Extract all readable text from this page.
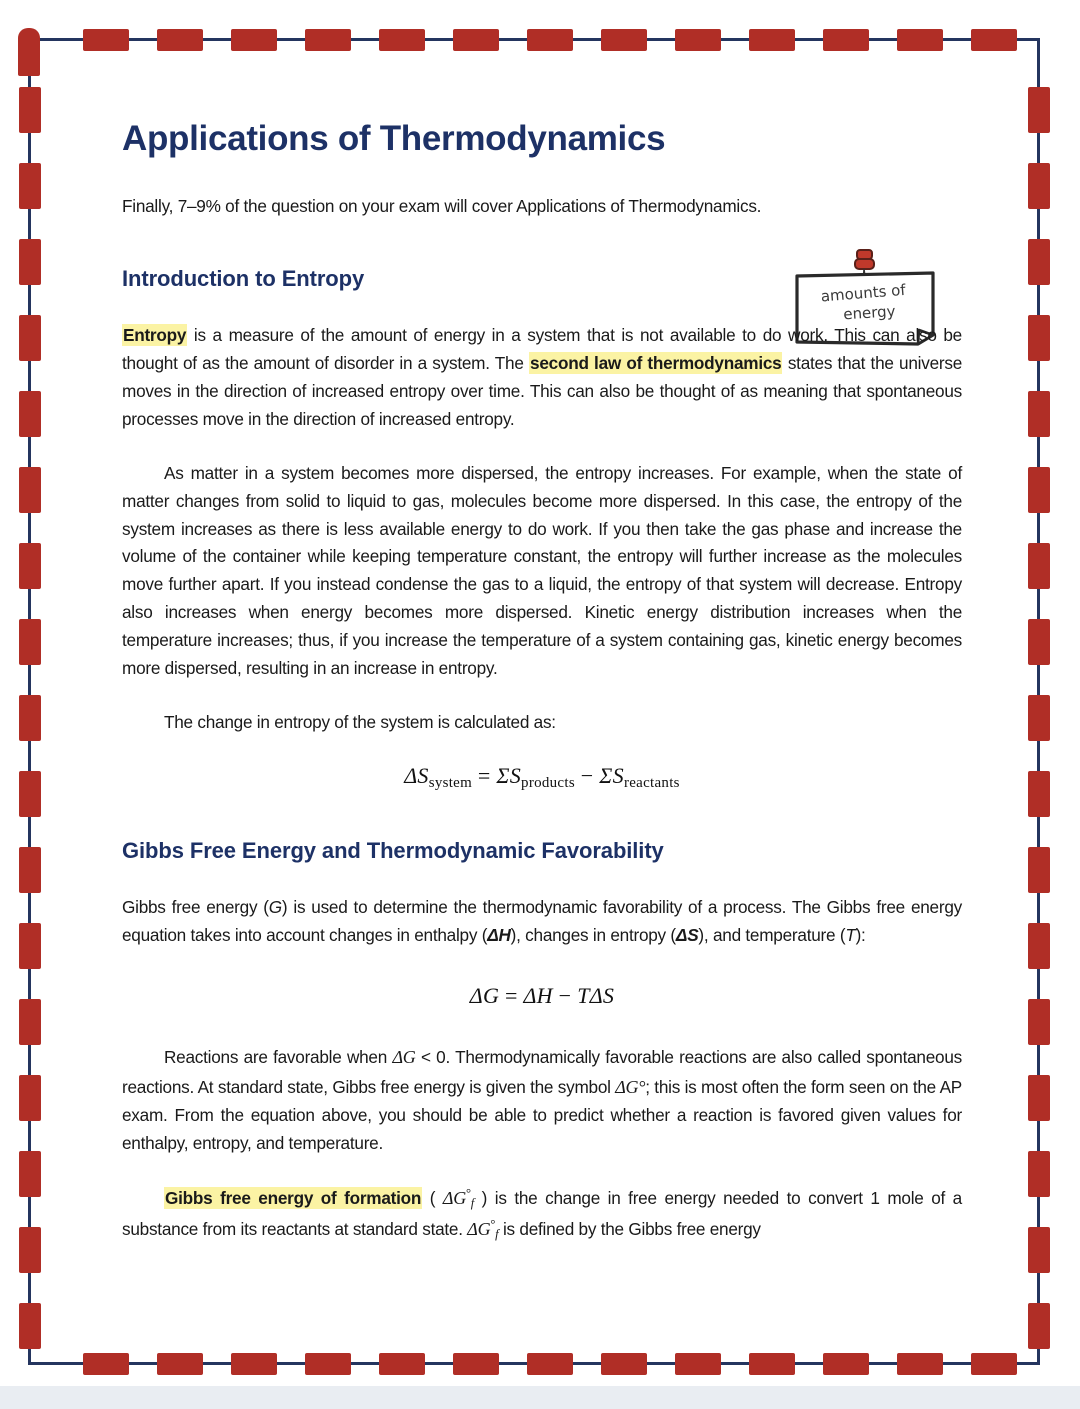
amounts of
energy
Applications of Thermodynamics

Finally, 7–9% of the question on your exam will cover Applications of Thermodynamics.

Introduction to Entropy

Entropy is a measure of the amount of energy in a system that is not available to do work. This can also be thought of as the amount of disorder in a system. The second law of thermodynamics states that the universe moves in the direction of increased entropy over time. This can also be thought of as meaning that spontaneous processes move in the direction of increased entropy.

As matter in a system becomes more dispersed, the entropy increases. For example, when the state of matter changes from solid to liquid to gas, molecules become more dispersed. In this case, the entropy of the system increases as there is less available energy to do work. If you then take the gas phase and increase the volume of the container while keeping temperature constant, the entropy will further increase as the molecules move further apart. If you instead condense the gas to a liquid, the entropy of that system will decrease. Entropy also increases when energy becomes more dispersed. Kinetic energy distribution increases when the temperature increases; thus, if you increase the temperature of a system containing gas, kinetic energy becomes more dispersed, resulting in an increase in entropy.

The change in entropy of the system is calculated as:

$\Delta S_{system} = \Sigma S_{products} - \Sigma S_{reactants}$
Gibbs Free Energy and Thermodynamic Favorability

Gibbs free energy (G) is used to determine the thermodynamic favorability of a process. The Gibbs free energy equation takes into account changes in enthalpy (ΔH), changes in entropy (ΔS), and temperature (T):

ΔG = ΔH − TΔS

Reactions are favorable when ΔG < 0. Thermodynamically favorable reactions are also called spontaneous reactions. At standard state, Gibbs free energy is given the symbol ΔG°; this is most often the form seen on the AP exam. From the equation above, you should be able to predict whether a reaction is favored given values for enthalpy, entropy, and temperature.

Gibbs free energy of formation ( $\Delta G^\circ_f$ ) is the change in free energy needed to convert 1 mole of a substance from its reactants at standard state. $\Delta G^\circ_f$ is defined by the Gibbs free energy
